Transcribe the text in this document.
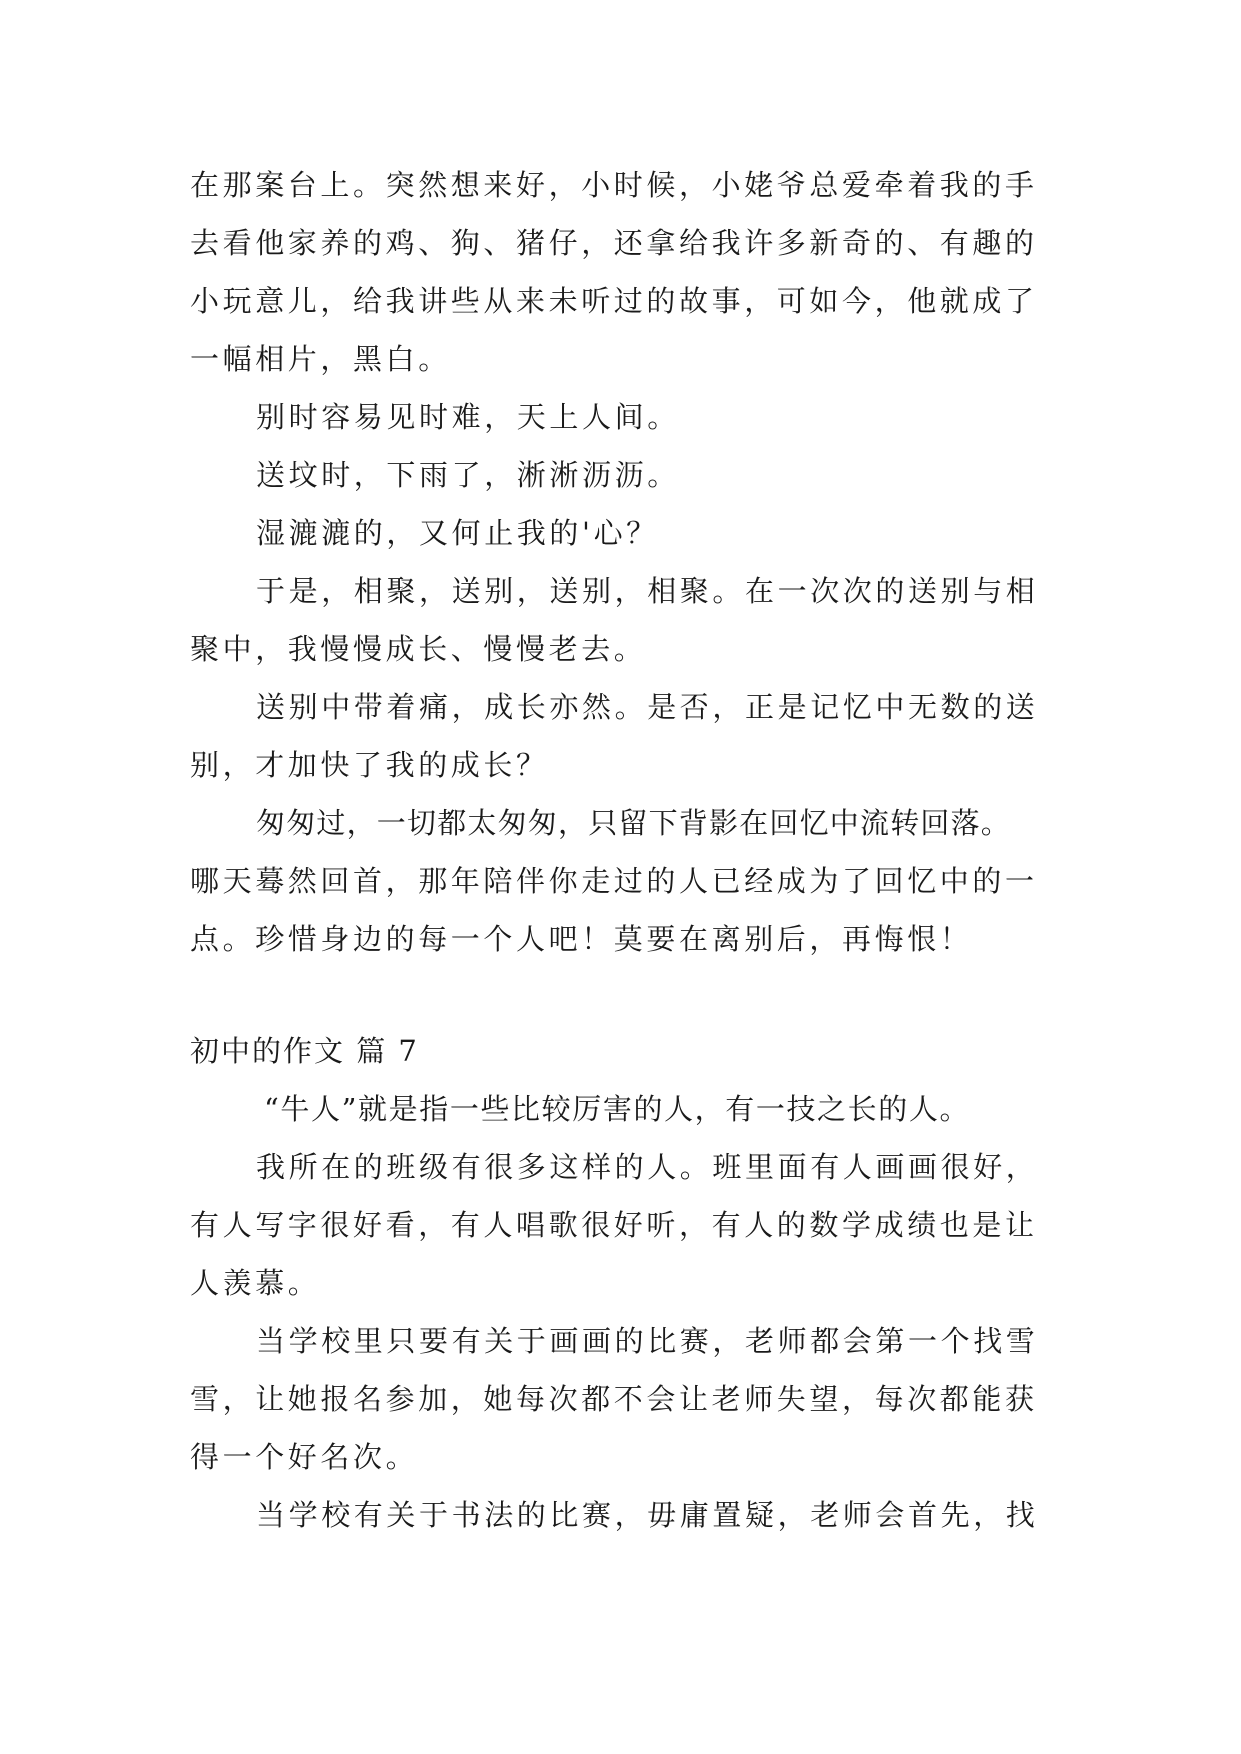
在那案台上。突然想来好，小时候，小姥爷总爱牵着我的手
去看他家养的鸡、狗、猪仔，还拿给我许多新奇的、有趣的
小玩意儿，给我讲些从来未听过的故事，可如今，他就成了
一幅相片，黑白。
别时容易见时难，天上人间。
送坟时，下雨了，淅淅沥沥。
湿漉漉的，又何止我的'心？
于是，相聚，送别，送别，相聚。在一次次的送别与相
聚中，我慢慢成长、慢慢老去。
送别中带着痛，成长亦然。是否，正是记忆中无数的送
别，才加快了我的成长？
匆匆过，一切都太匆匆，只留下背影在回忆中流转回落。
哪天蓦然回首，那年陪伴你走过的人已经成为了回忆中的一
点。珍惜身边的每一个人吧！莫要在离别后，再悔恨！
初中的作文 篇 7
“牛人”就是指一些比较厉害的人，有一技之长的人。
我所在的班级有很多这样的人。班里面有人画画很好，
有人写字很好看，有人唱歌很好听，有人的数学成绩也是让
人羡慕。
当学校里只要有关于画画的比赛，老师都会第一个找雪
雪，让她报名参加，她每次都不会让老师失望，每次都能获
得一个好名次。
当学校有关于书法的比赛，毋庸置疑，老师会首先，找
